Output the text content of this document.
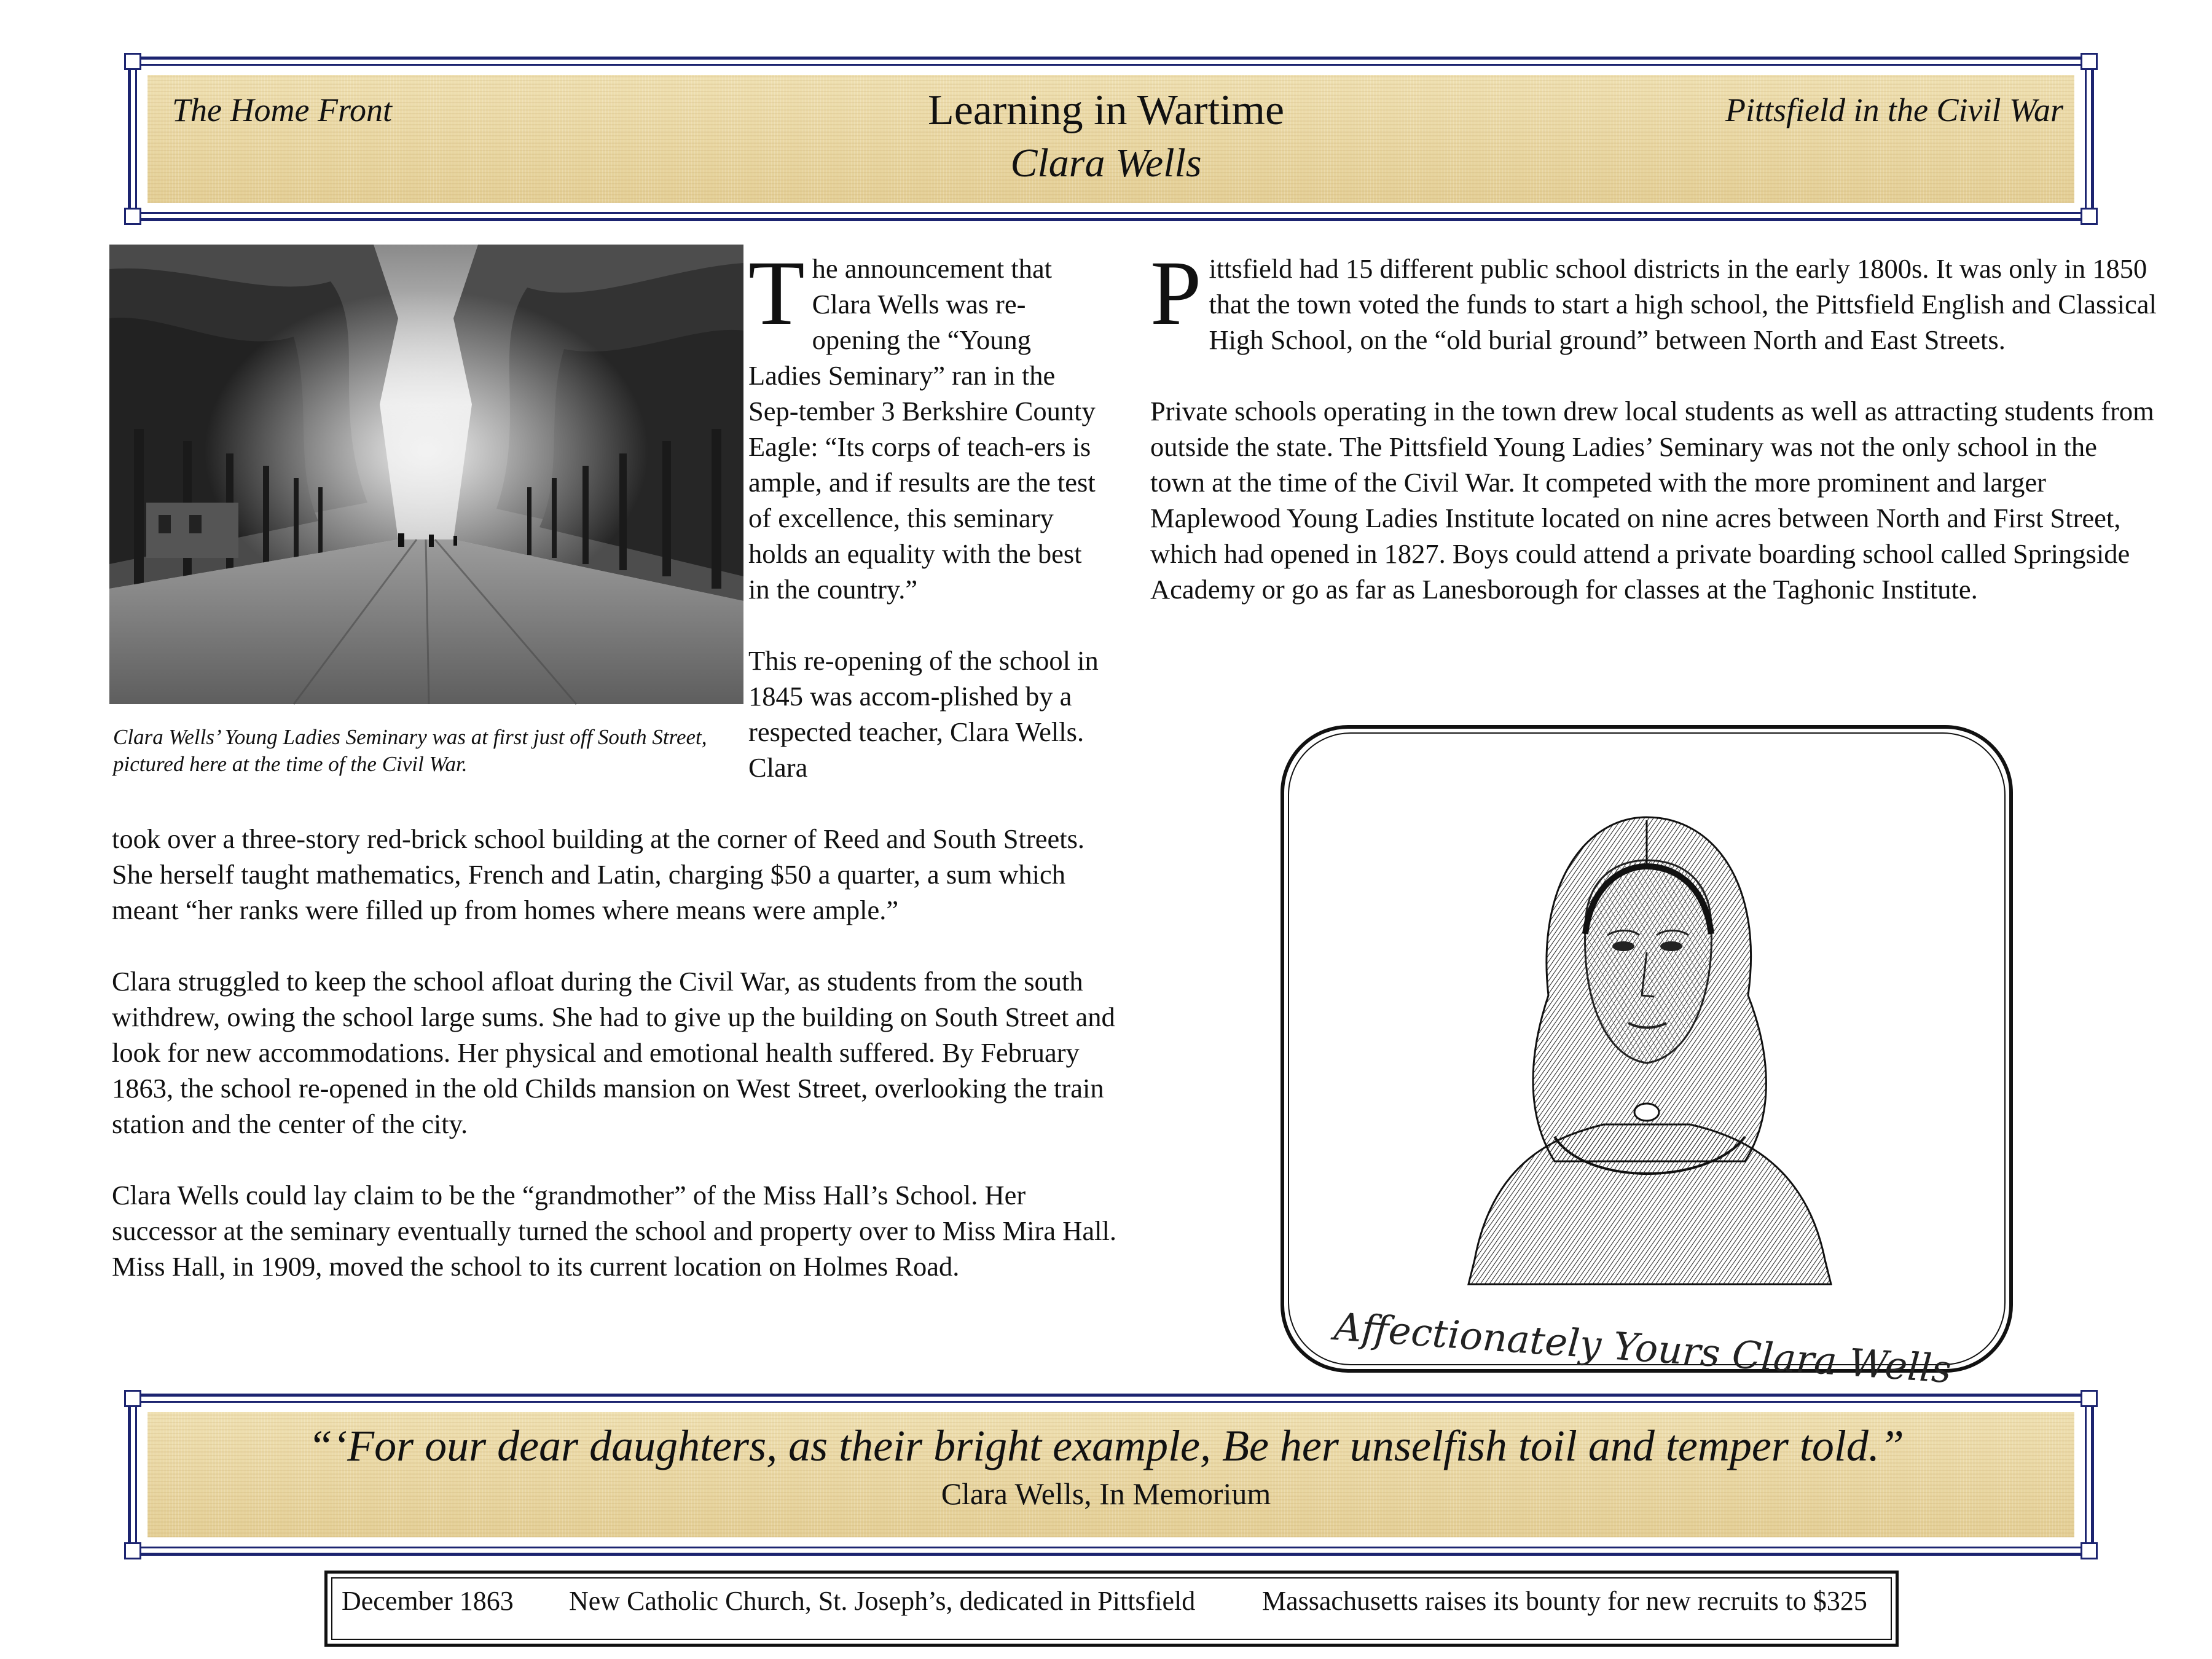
The Home Front	Learning in Wartime
Clara Wells
Pittsfield in the Civil War
Clara Wells’ Young Ladies Seminary was at first just off South Street, pictured here at the time of the Civil War.
T he announcement that Clara Wells was re-opening the “Young Ladies Seminary” ran in the Sep-tember 3 Berkshire County Eagle: “Its corps of teach-ers is ample, and if results are the test of excellence, this seminary holds an equality with the best in the country.”

This re-opening of the school in 1845 was accom-plished by a respected teacher, Clara Wells. Clara

took over a three-story red-brick school building at the corner of Reed and South Streets. She herself taught mathematics, French and Latin, charging $50 a quarter, a sum which meant “her ranks were filled up from homes where means were ample.”

Clara struggled to keep the school afloat during the Civil War, as students from the south withdrew, owing the school large sums. She had to give up the building on South Street and look for new accommodations. Her physical and emotional health suffered. By February 1863, the school re-opened in the old Childs mansion on West Street, overlooking the train station and the center of the city.

Clara Wells could lay claim to be the “grandmother” of the Miss Hall’s School. Her successor at the seminary eventually turned the school and property over to Miss Mira Hall. Miss Hall, in 1909, moved the school to its current location on Holmes Road.

P ittsfield had 15 different public school districts in the early 1800s. It was only in 1850 that the town voted the funds to start a high school, the Pittsfield English and Classical High School, on the “old burial ground” between North and East Streets.

Private schools operating in the town drew local students as well as attracting students from outside the state. The Pittsfield Young Ladies’ Seminary was not the only school in the town at the time of the Civil War. It competed with the more prominent and larger Maplewood Young Ladies Institute located on nine acres between North and First Street, which had opened in 1827. Boys could attend a private boarding school called Springside Academy or go as far as Lanesborough for classes at the Taghonic Institute.

Affectionately Yours Clara Wells
“‘For our dear daughters, as their bright example, Be her unselfish toil and temper told.”
Clara Wells, In Memorium
December 1863 New Catholic Church, St. Joseph’s, dedicated in Pittsfield Massachusetts raises its bounty for new recruits to $325
